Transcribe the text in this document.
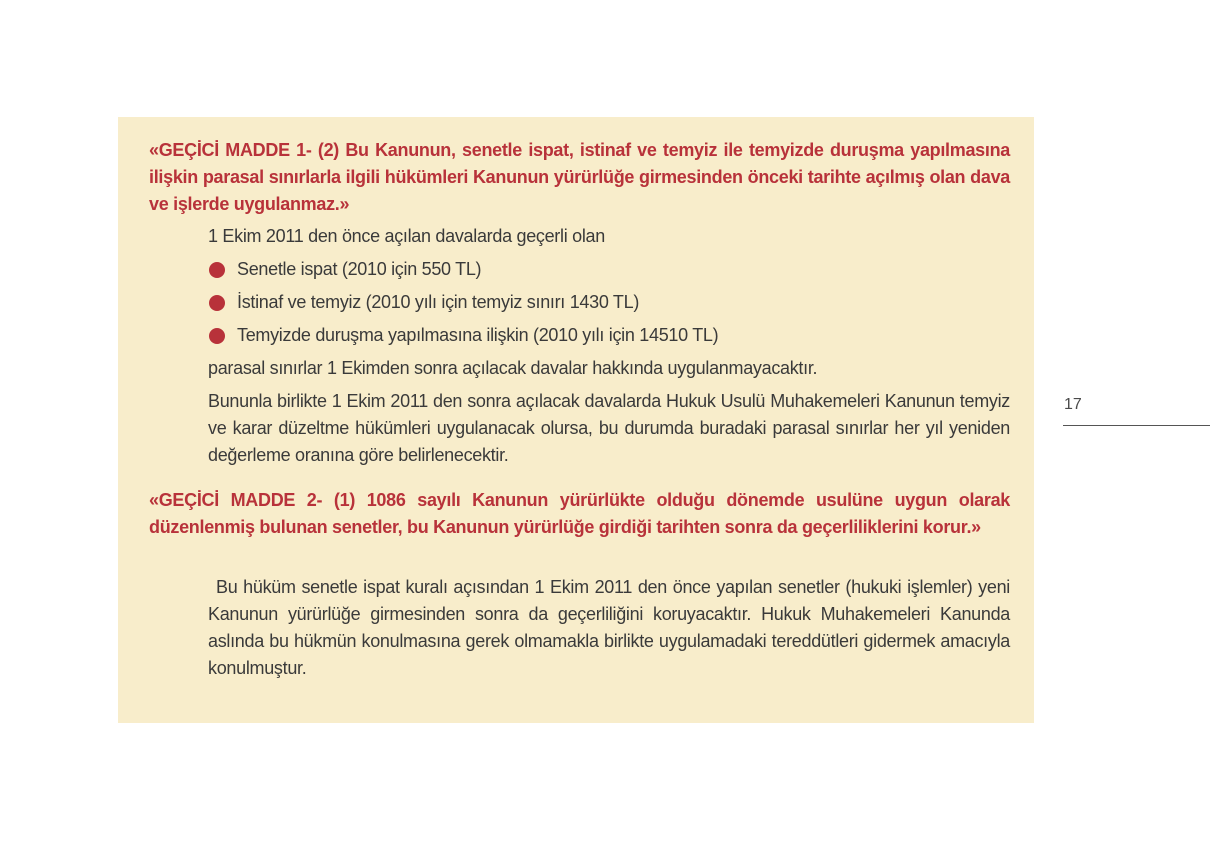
«GEÇİCİ MADDE 1- (2) Bu Kanunun, senetle ispat, istinaf ve temyiz ile temyizde duruşma yapılmasına ilişkin parasal sınırlarla ilgili hükümleri Kanunun yürürlüğe girmesinden önceki tarihte açılmış olan dava ve işlerde uygulanmaz.»

1 Ekim 2011 den önce açılan davalarda geçerli olan

Senetle ispat (2010 için 550 TL)
İstinaf ve temyiz (2010 yılı için temyiz sınırı 1430 TL)
Temyizde duruşma yapılmasına ilişkin (2010 yılı için 14510 TL)

parasal sınırlar 1 Ekimden sonra açılacak davalar hakkında uygulanmayacaktır.

Bununla birlikte 1 Ekim 2011 den sonra açılacak davalarda Hukuk Usulü Muhakemeleri Kanunun temyiz ve karar düzeltme hükümleri uygulanacak olursa, bu durumda buradaki parasal sınırlar her yıl yeniden değerleme oranına göre belirlenecektir.

«GEÇİCİ MADDE 2- (1) 1086 sayılı Kanunun yürürlükte olduğu dönemde usulüne uygun olarak düzenlenmiş bulunan senetler, bu Kanunun yürürlüğe girdiği tarihten sonra da geçerliliklerini korur.»

Bu hüküm senetle ispat kuralı açısından 1 Ekim 2011 den önce yapılan senetler (hukuki işlemler) yeni Kanunun yürürlüğe girmesinden sonra da geçerliliğini koruyacaktır. Hukuk Muhakemeleri Kanunda aslında bu hükmün konulmasına gerek olmamakla birlikte uygulamadaki tereddütleri gidermek amacıyla konulmuştur.

17
